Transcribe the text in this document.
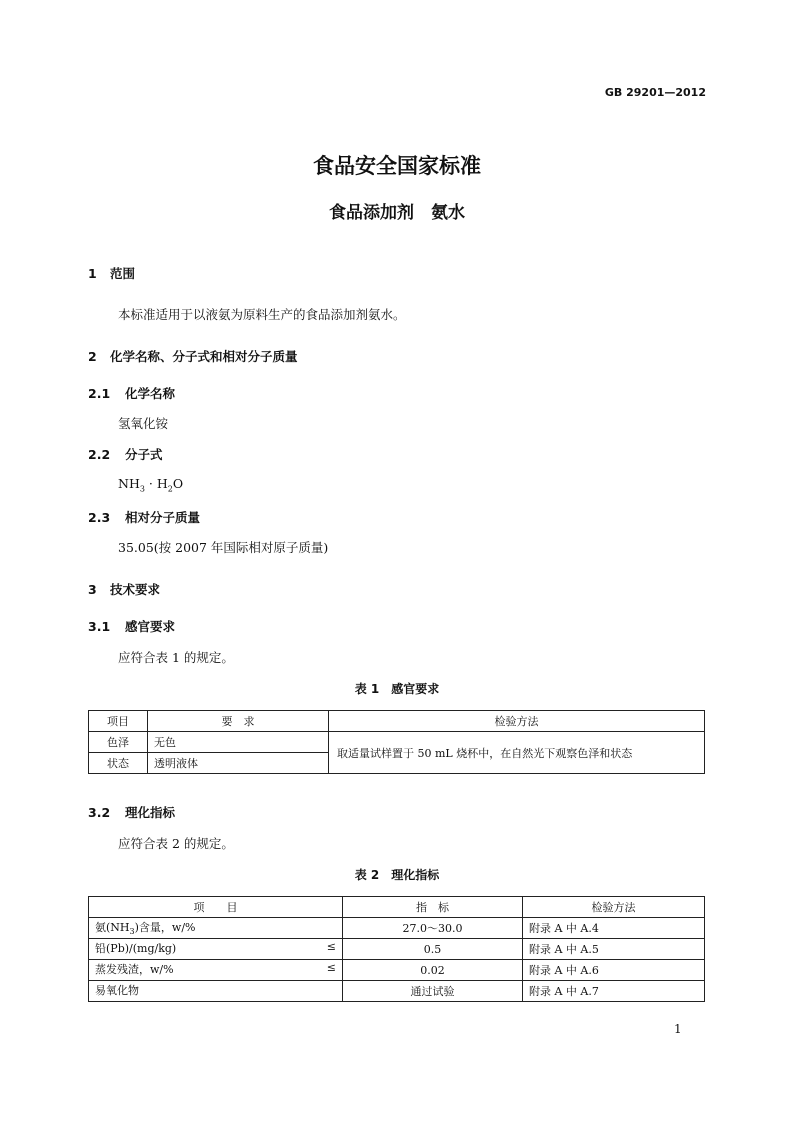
GB 29201—2012
食品安全国家标准
食品添加剂　氨水
1 范围
本标准适用于以液氨为原料生产的食品添加剂氨水。
2 化学名称、分子式和相对分子质量
2.1 化学名称
氢氧化铵
2.2 分子式
$NH_3 \cdot H_2O$
2.3 相对分子质量
35.05(按 2007 年国际相对原子质量)
3 技术要求
3.1 感官要求
应符合表 1 的规定。
表 1　感官要求
项目	要　求	检验方法
色泽	无色	取适量试样置于 50 mL 烧杯中，在自然光下观察色泽和状态
状态	透明液体	
3.2 理化指标
应符合表 2 的规定。
表 2　理化指标
项　　目	指　标	检验方法
氨$(NH_3)$含量，w/%	27.0～30.0	附录 A 中 A.4
铅(Pb)/(mg/kg) ≤	0.5	附录 A 中 A.5
蒸发残渣，w/% ≤	0.02	附录 A 中 A.6
易氧化物	通过试验	附录 A 中 A.7
1
